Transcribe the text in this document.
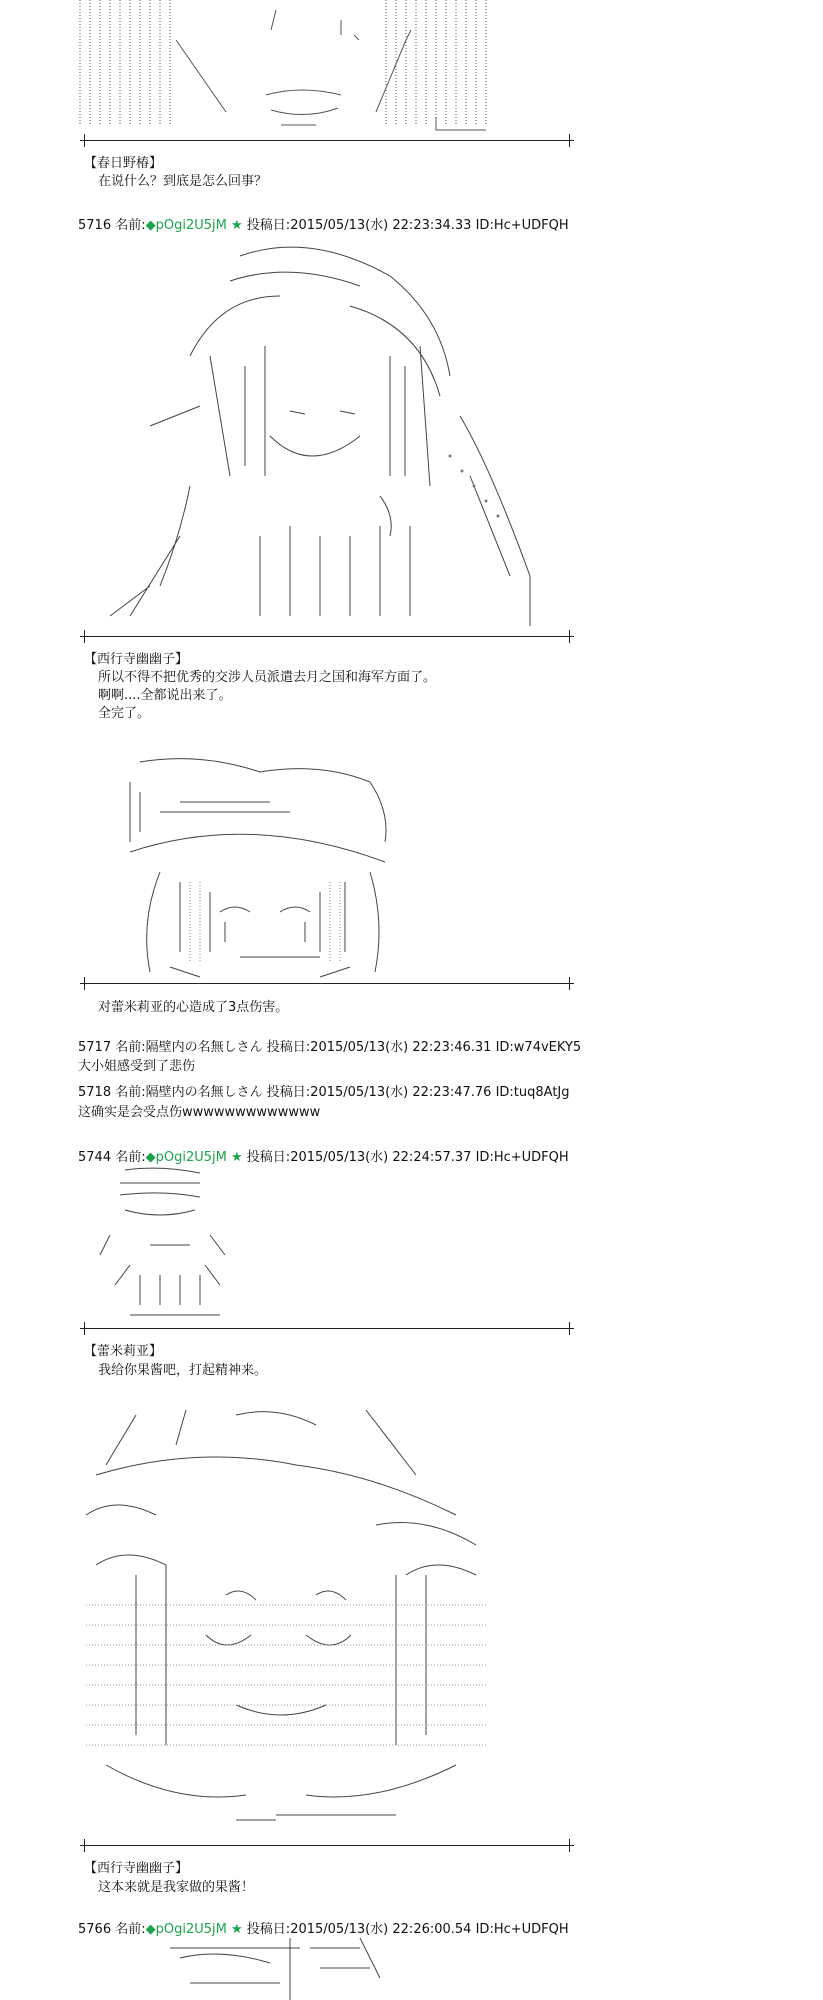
【春日野椿】
在说什么？到底是怎么回事？
5716 名前:◆pOgi2U5jM ★ 投稿日:2015/05/13(水) 22:23:34.33 ID:Hc+UDFQH
【西行寺幽幽子】
所以不得不把优秀的交涉人员派遣去月之国和海军方面了。
啊啊....全都说出来了。
全完了。
对蕾米莉亚的心造成了3点伤害。
5717 名前:隔壁内の名無しさん 投稿日:2015/05/13(水) 22:23:46.31 ID:w74vEKY5
大小姐感受到了悲伤
5718 名前:隔壁内の名無しさん 投稿日:2015/05/13(水) 22:23:47.76 ID:tuq8AtJg
这确实是会受点伤wwwwwwwwwwwww
5744 名前:◆pOgi2U5jM ★ 投稿日:2015/05/13(水) 22:24:57.37 ID:Hc+UDFQH
【蕾米莉亚】
我给你果酱吧，打起精神来。
【西行寺幽幽子】
这本来就是我家做的果酱！
5766 名前:◆pOgi2U5jM ★ 投稿日:2015/05/13(水) 22:26:00.54 ID:Hc+UDFQH
